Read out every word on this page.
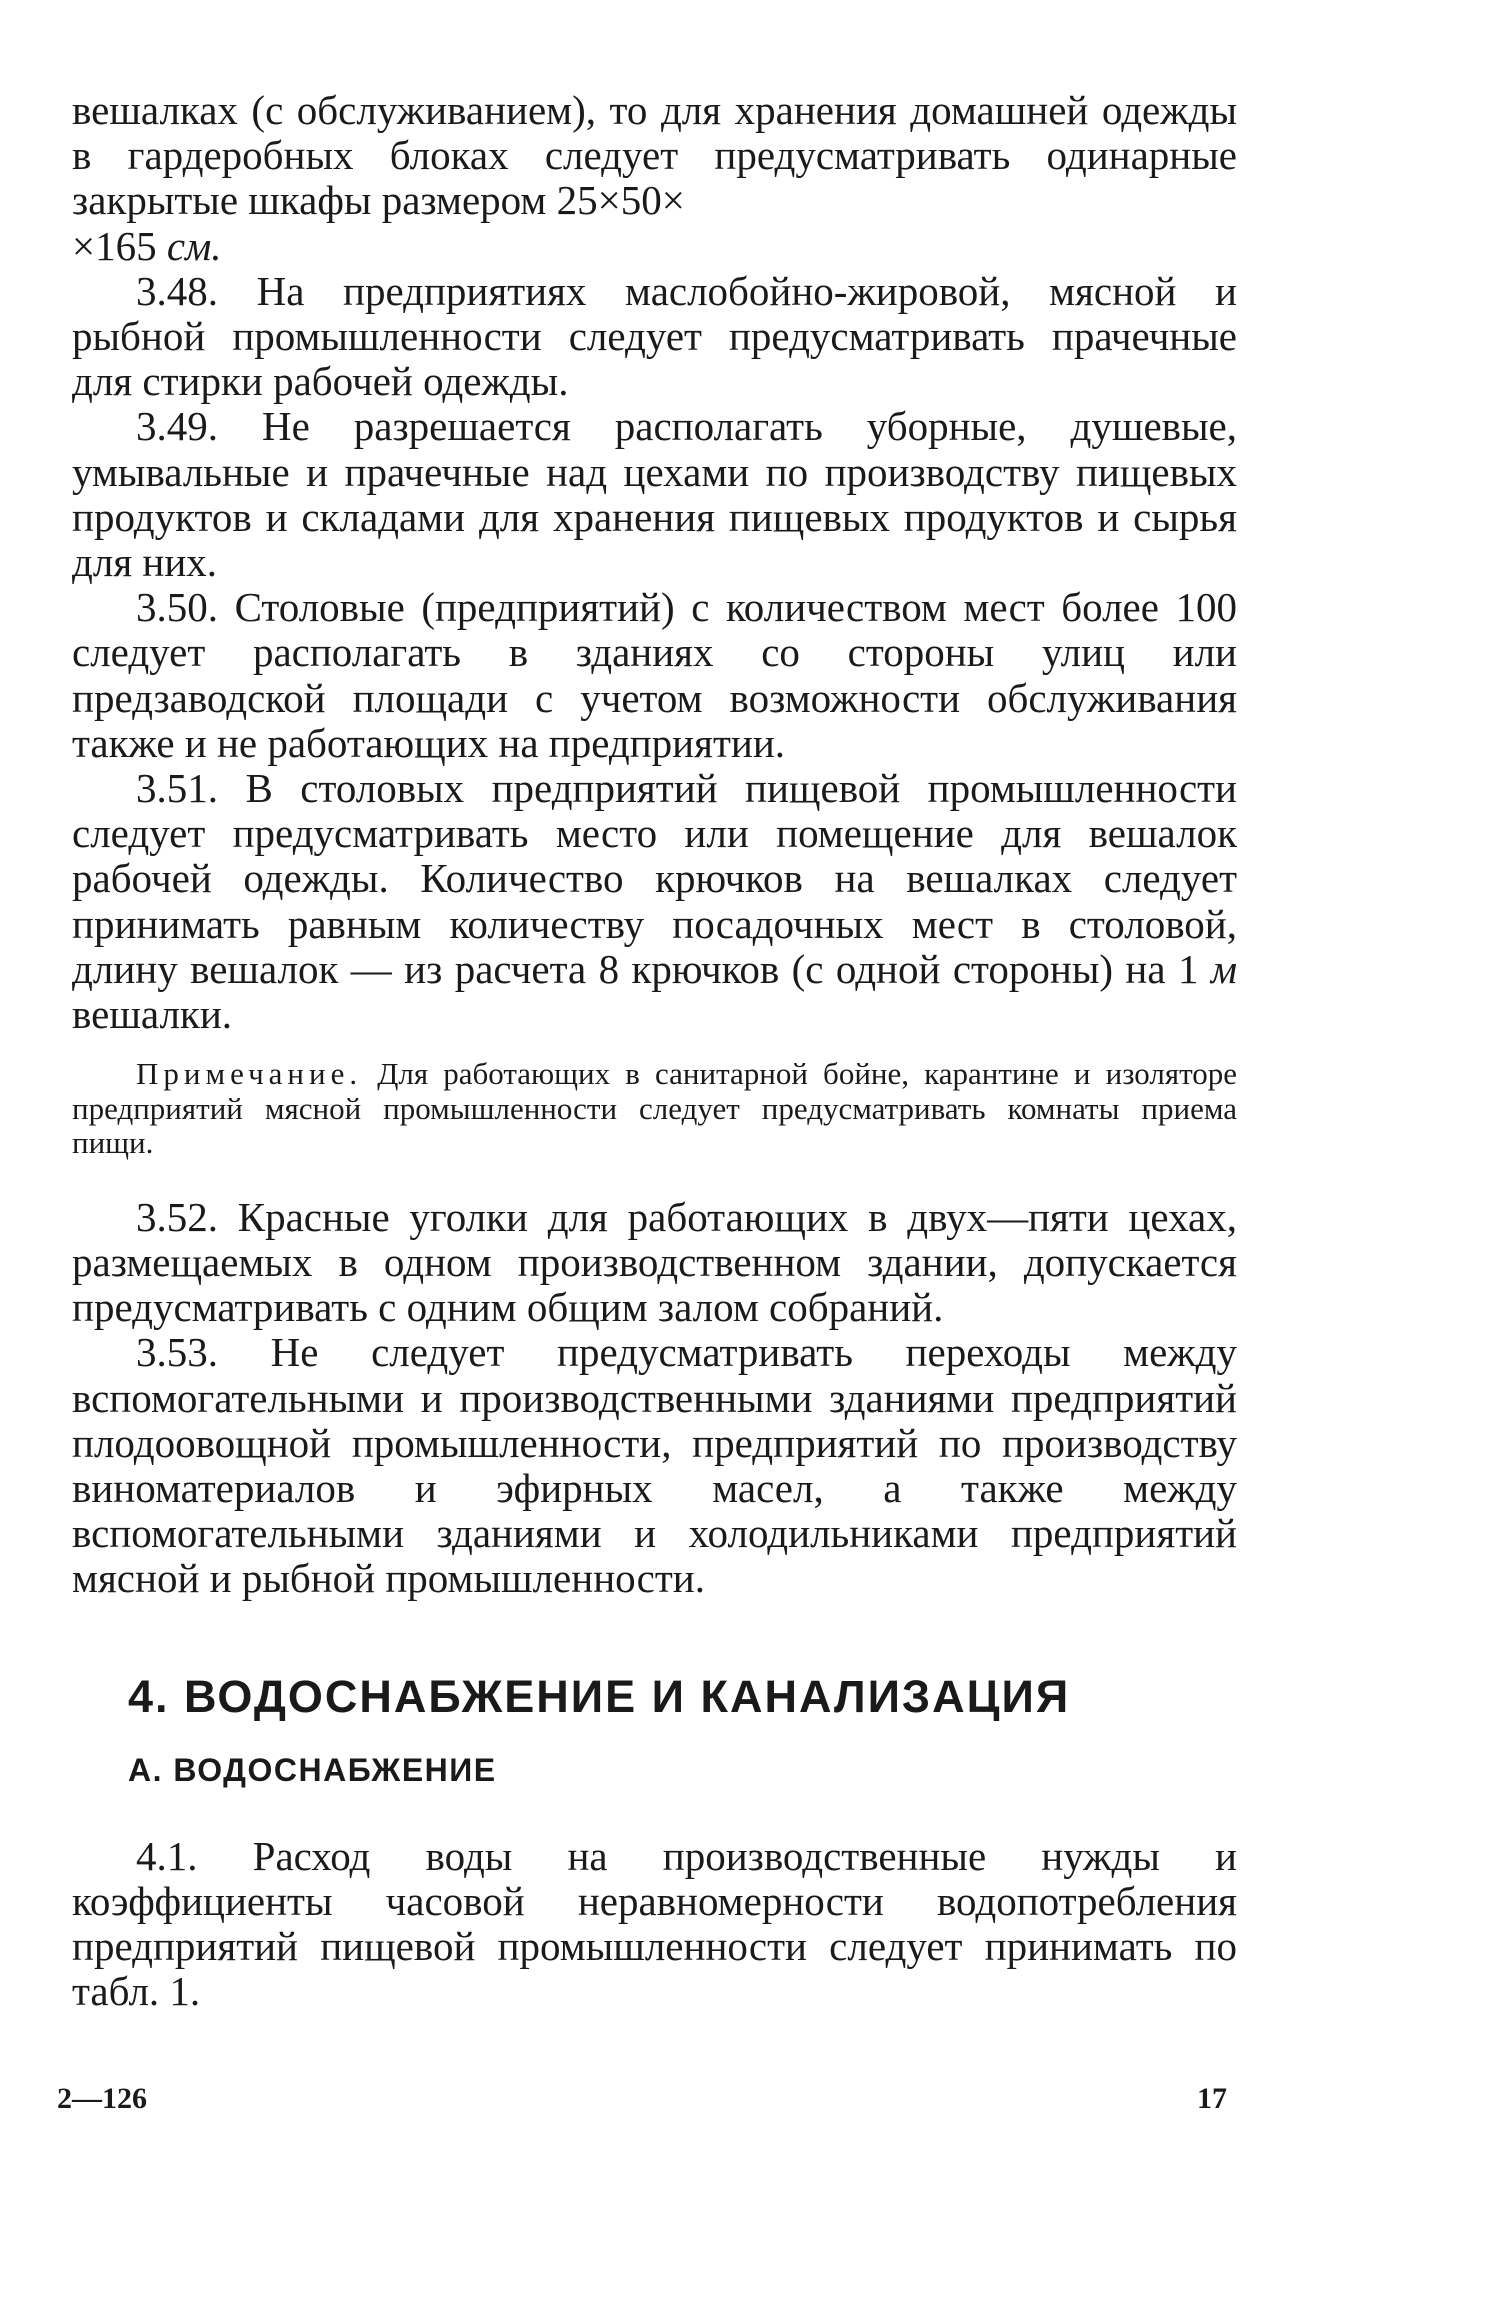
вешалках (с обслуживанием), то для хранения домашней одежды в гардеробных блоках следует предусматривать одинарные закрытые шкафы размером 25×50×
×165 см.

3.48. На предприятиях маслобойно-жировой, мясной и рыбной промышленности следует предусматривать прачечные для стирки рабочей одежды.

3.49. Не разрешается располагать уборные, душевые, умывальные и прачечные над цехами по производству пищевых продуктов и складами для хранения пищевых продуктов и сырья для них.

3.50. Столовые (предприятий) с количеством мест более 100 следует располагать в зданиях со стороны улиц или предзаводской площади с учетом возможности обслуживания также и не работающих на предприятии.

3.51. В столовых предприятий пищевой промышленности следует предусматривать место или помещение для вешалок рабочей одежды. Количество крючков на вешалках следует принимать равным количеству посадочных мест в столовой, длину вешалок — из расчета 8 крючков (с одной стороны) на 1 м вешалки.

Примечание. Для работающих в санитарной бойне, карантине и изоляторе предприятий мясной промышленности следует предусматривать комнаты приема пищи.

3.52. Красные уголки для работающих в двух—пяти цехах, размещаемых в одном производственном здании, допускается предусматривать с одним общим залом собраний.

3.53. Не следует предусматривать переходы между вспомогательными и производственными зданиями предприятий плодоовощной промышленности, предприятий по производству виноматериалов и эфирных масел, а также между вспомогательными зданиями и холодильниками предприятий мясной и рыбной промышленности.

4. ВОДОСНАБЖЕНИЕ И КАНАЛИЗАЦИЯ
А. ВОДОСНАБЖЕНИЕ

4.1. Расход воды на производственные нужды и коэффициенты часовой неравномерности водопотребления предприятий пищевой промышленности следует принимать по табл. 1.

2—126	17
